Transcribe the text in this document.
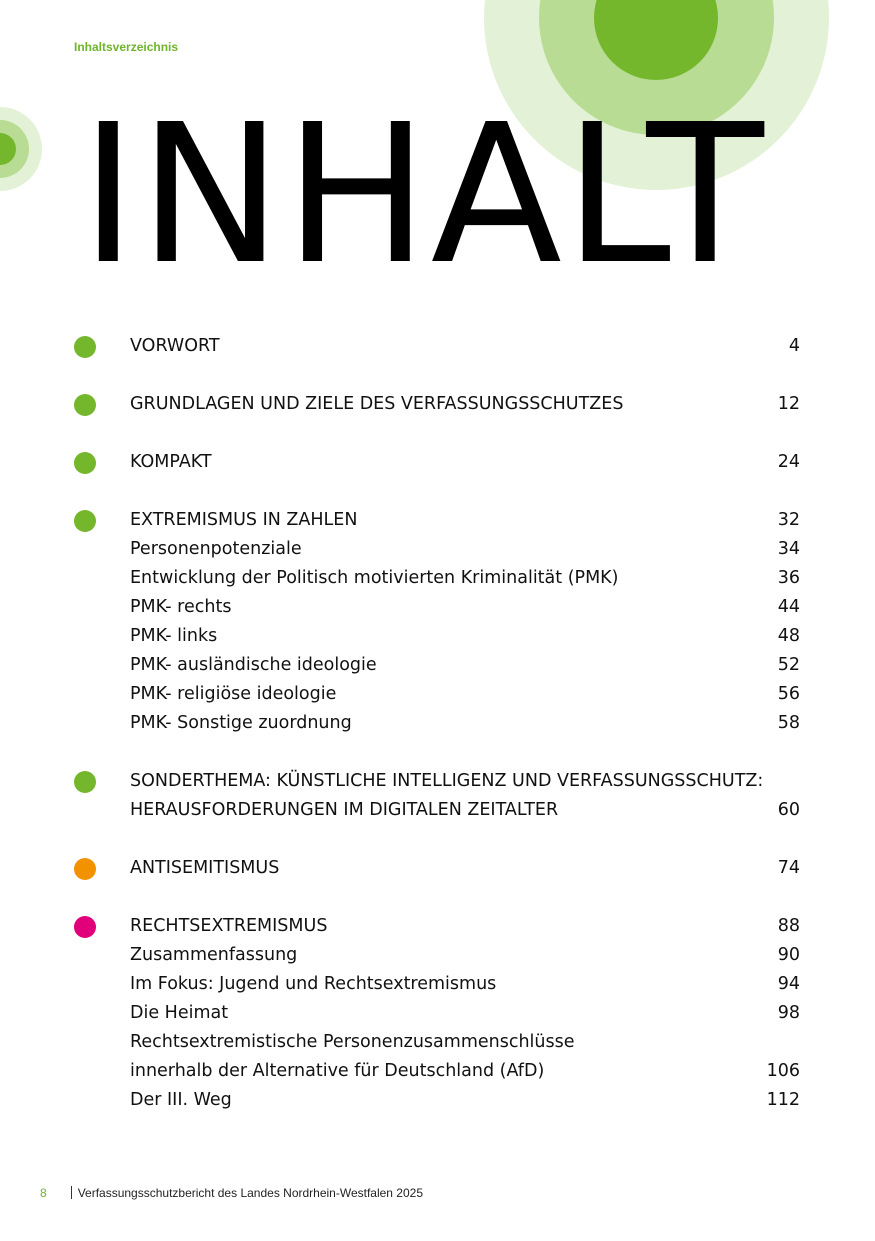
Inhaltsverzeichnis
INHALT
VORWORT	4
GRUNDLAGEN UND ZIELE DES VERFASSUNGSSCHUTZES	12
KOMPAKT	24
EXTREMISMUS IN ZAHLEN	32
Personenpotenziale	34
Entwicklung der Politisch motivierten Kriminalität (PMK)	36
PMK- rechts	44
PMK- links	48
PMK- ausländische ideologie	52
PMK- religiöse ideologie	56
PMK- Sonstige zuordnung	58
SONDERTHEMA: KÜNSTLICHE INTELLIGENZ UND VERFASSUNGSSCHUTZ:
HERAUSFORDERUNGEN IM DIGITALEN ZEITALTER	60
ANTISEMITISMUS	74
RECHTSEXTREMISMUS	88
Zusammenfassung	90
Im Fokus: Jugend und Rechtsextremismus	94
Die Heimat	98
Rechtsextremistische Personenzusammenschlüsse
innerhalb der Alternative für Deutschland (AfD)	106
Der III. Weg	112
8	Verfassungsschutzbericht des Landes Nordrhein-Westfalen 2025
